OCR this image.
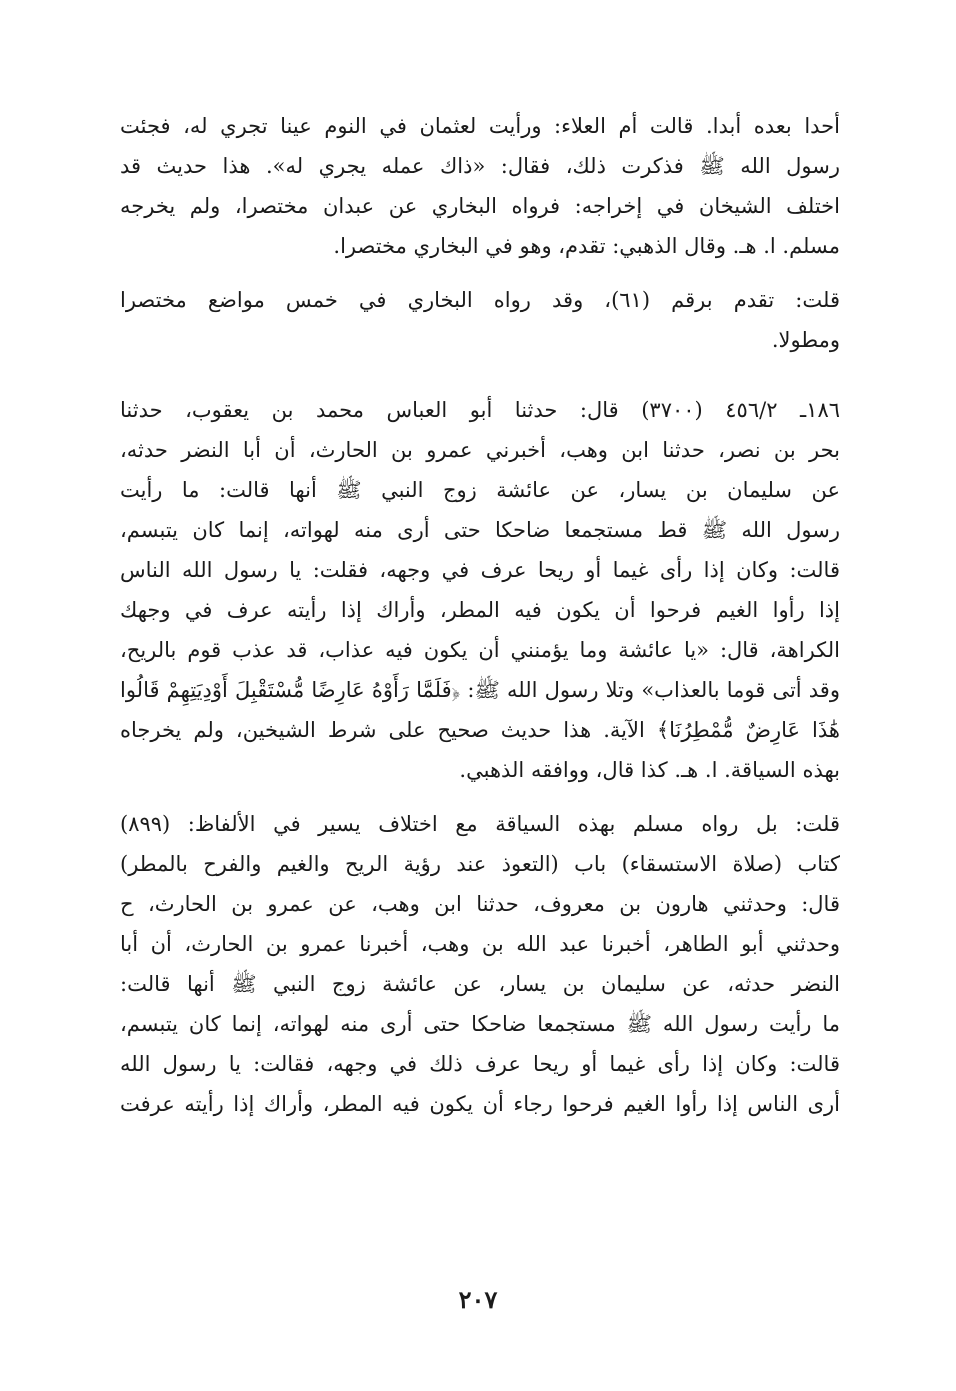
أحدا بعده أبدا. قالت أم العلاء: ورأيت لعثمان في النوم عينا تجري له، فجئت
رسول الله ﷺ فذكرت ذلك، فقال: «ذاك عمله يجري له». هذا حديث قد
اختلف الشيخان في إخراجه: فرواه البخاري عن عبدان مختصرا، ولم يخرجه
مسلم. ا. هـ. وقال الذهبي: تقدم، وهو في البخاري مختصرا.
قلت: تقدم برقم (٦١)، وقد رواه البخاري في خمس مواضع مختصرا
ومطولا.
١٨٦ـ ٤٥٦/٢ (٣٧٠٠) قال: حدثنا أبو العباس محمد بن يعقوب، حدثنا
بحر بن نصر، حدثنا ابن وهب، أخبرني عمرو بن الحارث، أن أبا النضر حدثه،
عن سليمان بن يسار، عن عائشة زوج النبي ﷺ أنها قالت: ما رأيت
رسول الله ﷺ قط مستجمعا ضاحكا حتى أرى منه لهواته، إنما كان يتبسم،
قالت: وكان إذا رأى غيما أو ريحا عرف في وجهه، فقلت: يا رسول الله الناس
إذا رأوا الغيم فرحوا أن يكون فيه المطر، وأراك إذا رأيته عرف في وجهك
الكراهة، قال: «يا عائشة وما يؤمنني أن يكون فيه عذاب، قد عذب قوم بالريح،
وقد أتى قوما بالعذاب» وتلا رسول الله ﷺ: ﴿فَلَمَّا رَأَوْهُ عَارِضًا مُّسْتَقْبِلَ أَوْدِيَتِهِمْ قَالُوا
هَٰذَا عَارِضٌ مُّمْطِرُنَا﴾ الآية. هذا حديث صحيح على شرط الشيخين، ولم يخرجاه
بهذه السياقة. ا. هـ. كذا قال، ووافقه الذهبي.
قلت: بل رواه مسلم بهذه السياقة مع اختلاف يسير في الألفاظ: (٨٩٩)
كتاب (صلاة الاستسقاء) باب (التعوذ عند رؤية الريح والغيم والفرح بالمطر)
قال: وحدثني هارون بن معروف، حدثنا ابن وهب، عن عمرو بن الحارث، ح
وحدثني أبو الطاهر، أخبرنا عبد الله بن وهب، أخبرنا عمرو بن الحارث، أن أبا
النضر حدثه، عن سليمان بن يسار، عن عائشة زوج النبي ﷺ أنها قالت:
ما رأيت رسول الله ﷺ مستجمعا ضاحكا حتى أرى منه لهواته، إنما كان يتبسم،
قالت: وكان إذا رأى غيما أو ريحا عرف ذلك في وجهه، فقالت: يا رسول الله
أرى الناس إذا رأوا الغيم فرحوا رجاء أن يكون فيه المطر، وأراك إذا رأيته عرفت
٢٠٧
